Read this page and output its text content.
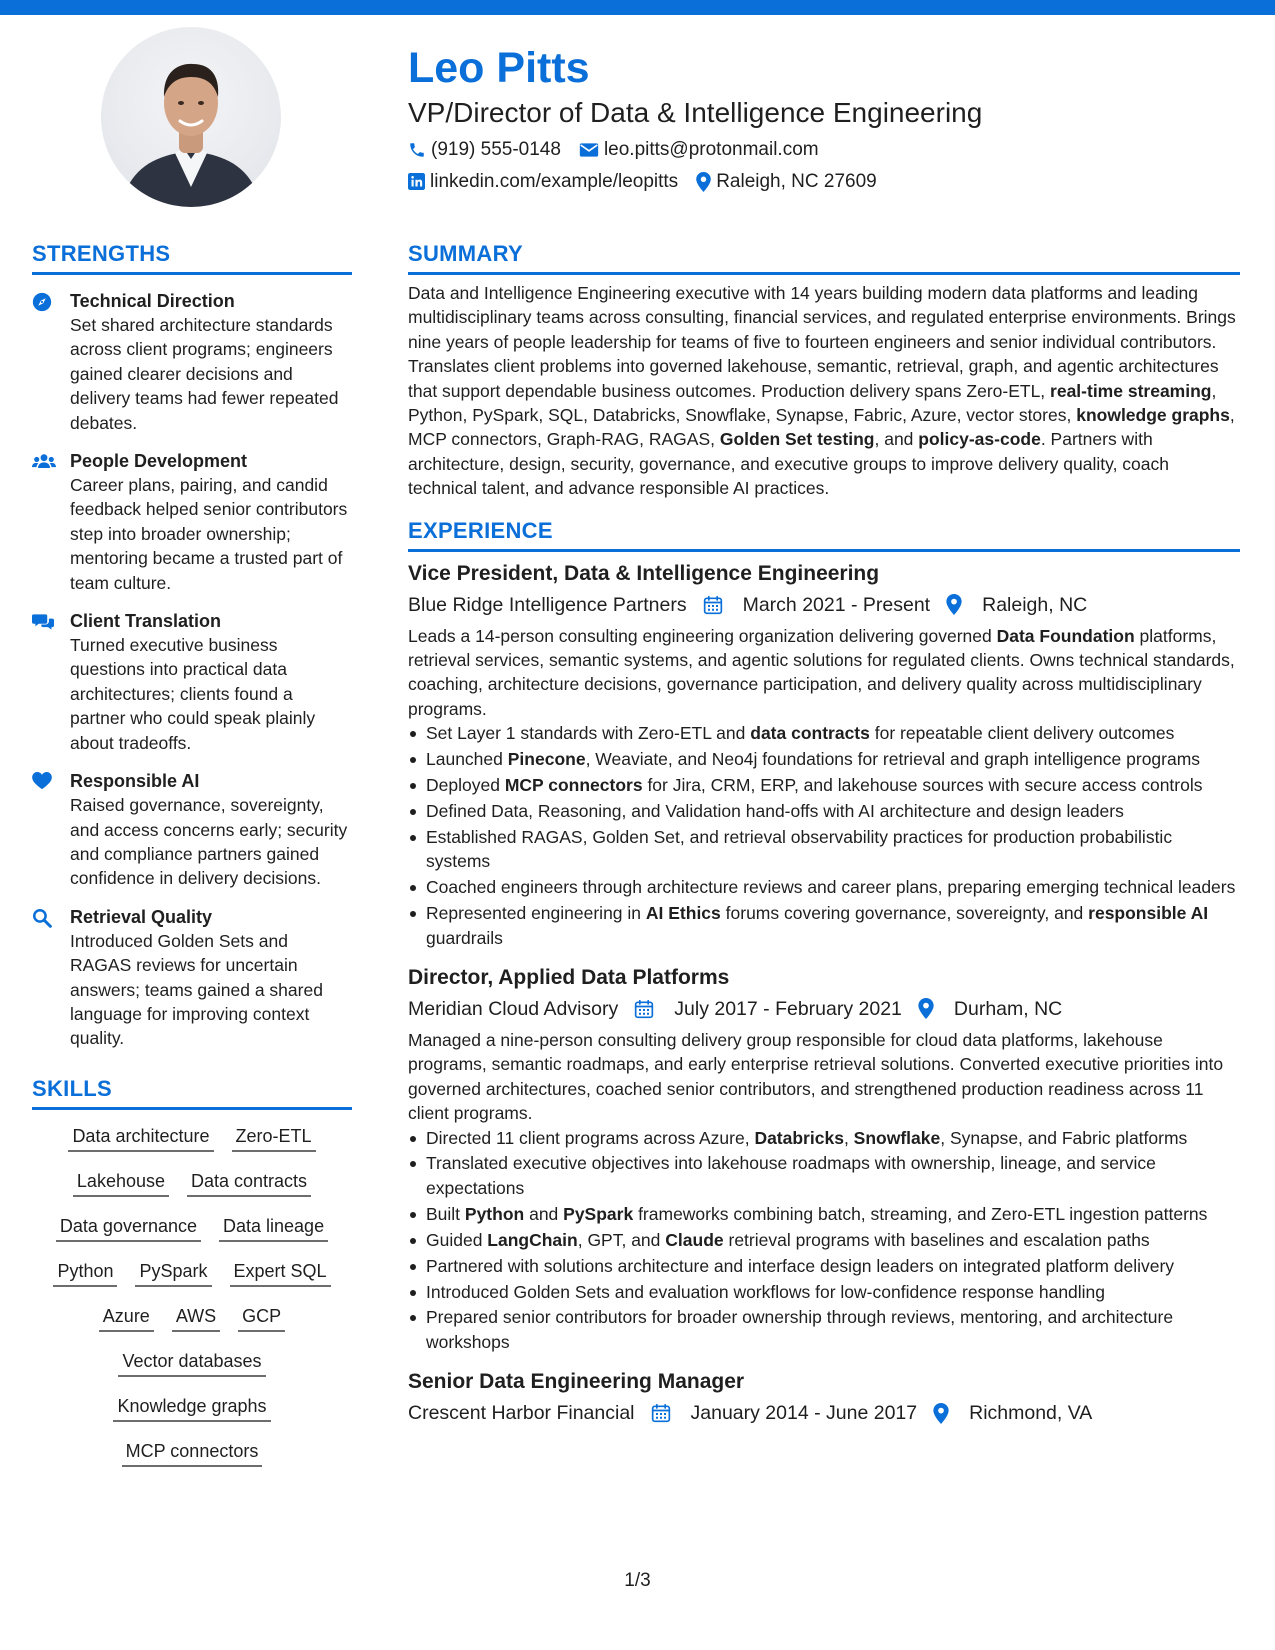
Leo Pitts
VP/Director of Data & Intelligence Engineering
(919) 555-0148 leo.pitts@protonmail.com
linkedin.com/example/leopitts Raleigh, NC 27609
STRENGTHS
Technical Direction
Set shared architecture standards across client programs; engineers gained clearer decisions and delivery teams had fewer repeated debates.
People Development
Career plans, pairing, and candid feedback helped senior contributors step into broader ownership; mentoring became a trusted part of team culture.
Client Translation
Turned executive business questions into practical data architectures; clients found a partner who could speak plainly about tradeoffs.
Responsible AI
Raised governance, sovereignty, and access concerns early; security and compliance partners gained confidence in delivery decisions.
Retrieval Quality
Introduced Golden Sets and RAGAS reviews for uncertain answers; teams gained a shared language for improving context quality.
SKILLS
Data architecture Zero-ETL
Lakehouse Data contracts
Data governance Data lineage
Python PySpark Expert SQL
Azure AWS GCP
Vector databases
Knowledge graphs
MCP connectors
SUMMARY

Data and Intelligence Engineering executive with 14 years building modern data platforms and leading multidisciplinary teams across consulting, financial services, and regulated enterprise environments. Brings nine years of people leadership for teams of five to fourteen engineers and senior individual contributors. Translates client problems into governed lakehouse, semantic, retrieval, graph, and agentic architectures that support dependable business outcomes. Production delivery spans Zero-ETL, real-time streaming, Python, PySpark, SQL, Databricks, Snowflake, Synapse, Fabric, Azure, vector stores, knowledge graphs, MCP connectors, Graph-RAG, RAGAS, Golden Set testing, and policy-as-code. Partners with architecture, design, security, governance, and executive groups to improve delivery quality, coach technical talent, and advance responsible AI practices.

EXPERIENCE
Vice President, Data & Intelligence Engineering
Blue Ridge Intelligence Partners	March 2021 - Present	Raleigh, NC

Leads a 14-person consulting engineering organization delivering governed Data Foundation platforms, retrieval services, semantic systems, and agentic solutions for regulated clients. Owns technical standards, coaching, architecture decisions, governance participation, and delivery quality across multidisciplinary programs.

Set Layer 1 standards with Zero-ETL and data contracts for repeatable client delivery outcomes
Launched Pinecone, Weaviate, and Neo4j foundations for retrieval and graph intelligence programs
Deployed MCP connectors for Jira, CRM, ERP, and lakehouse sources with secure access controls
Defined Data, Reasoning, and Validation hand-offs with AI architecture and design leaders
Established RAGAS, Golden Set, and retrieval observability practices for production probabilistic systems
Coached engineers through architecture reviews and career plans, preparing emerging technical leaders
Represented engineering in AI Ethics forums covering governance, sovereignty, and responsible AI guardrails
Director, Applied Data Platforms
Meridian Cloud Advisory	July 2017 - February 2021	Durham, NC

Managed a nine-person consulting delivery group responsible for cloud data platforms, lakehouse programs, semantic roadmaps, and early enterprise retrieval solutions. Converted executive priorities into governed architectures, coached senior contributors, and strengthened production readiness across 11 client programs.

Directed 11 client programs across Azure, Databricks, Snowflake, Synapse, and Fabric platforms
Translated executive objectives into lakehouse roadmaps with ownership, lineage, and service expectations
Built Python and PySpark frameworks combining batch, streaming, and Zero-ETL ingestion patterns
Guided LangChain, GPT, and Claude retrieval programs with baselines and escalation paths
Partnered with solutions architecture and interface design leaders on integrated platform delivery
Introduced Golden Sets and evaluation workflows for low-confidence response handling
Prepared senior contributors for broader ownership through reviews, mentoring, and architecture workshops
Senior Data Engineering Manager
Crescent Harbor Financial	January 2014 - June 2017	Richmond, VA
1/3
